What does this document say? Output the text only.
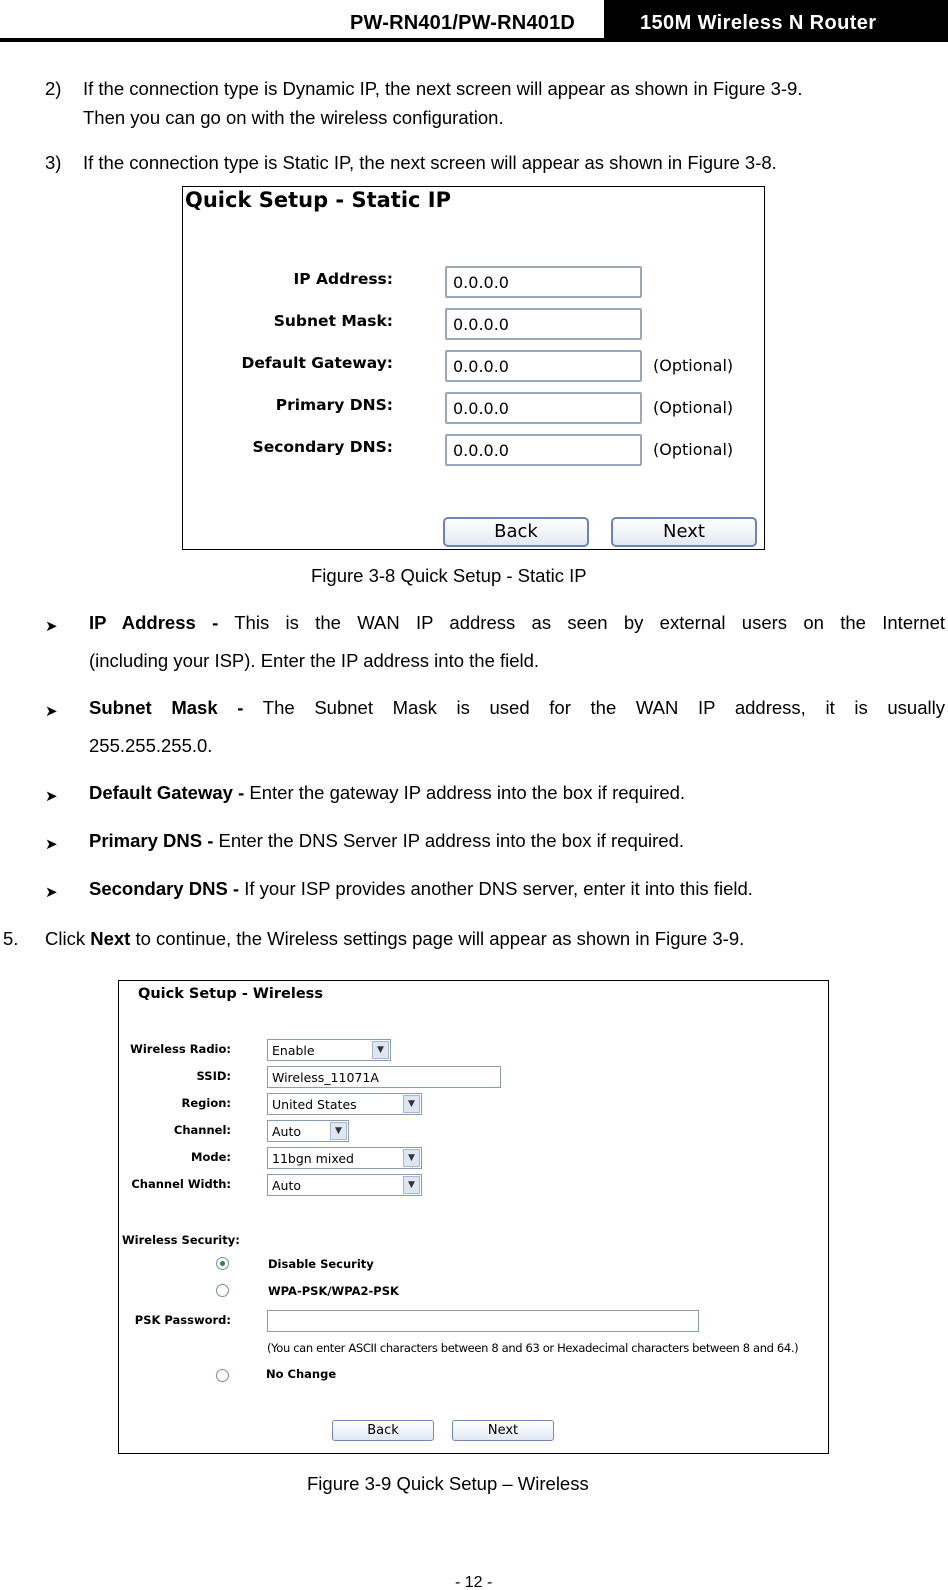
PW-RN401/PW-RN401D	150M Wireless N Router
2)	If the connection type is Dynamic IP, the next screen will appear as shown in Figure 3-9.
Then you can go on with the wireless configuration.
3)	If the connection type is Static IP, the next screen will appear as shown in Figure 3-8.
Quick Setup - Static IP
IP Address:	0.0.0.0
Subnet Mask:	0.0.0.0
Default Gateway:	0.0.0.0	(Optional)
Primary DNS:	0.0.0.0	(Optional)
Secondary DNS:	0.0.0.0	(Optional)
Back	Next
Figure 3-8 Quick Setup - Static IP
➤ IP Address - This is the WAN IP address as seen by external users on the Internet
(including your ISP). Enter the IP address into the field.
➤ Subnet Mask - The Subnet Mask is used for the WAN IP address, it is usually
255.255.255.0.
➤ Default Gateway - Enter the gateway IP address into the box if required.
➤ Primary DNS - Enter the DNS Server IP address into the box if required.
➤ Secondary DNS - If your ISP provides another DNS server, enter it into this field.
5. Click Next to continue, the Wireless settings page will appear as shown in Figure 3-9.
Quick Setup - Wireless
Wireless Radio:	Enable	▼
SSID:	Wireless_11071A
Region:	United States	▼
Channel:	Auto	▼
Mode:	11bgn mixed	▼
Channel Width:	Auto	▼
Wireless Security:
Disable Security
WPA-PSK/WPA2-PSK
PSK Password:
(You can enter ASCII characters between 8 and 63 or Hexadecimal characters between 8 and 64.)
No Change
Back	Next
Figure 3-9 Quick Setup – Wireless
- 12 -
